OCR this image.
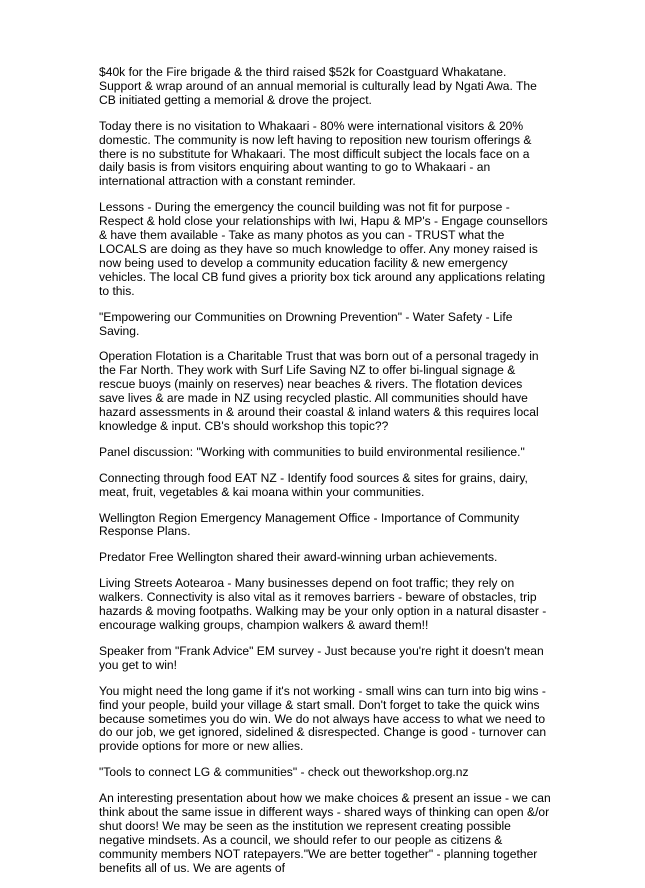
$40k for the Fire brigade & the third raised $52k for Coastguard Whakatane. Support & wrap around of an annual memorial is culturally lead by Ngati Awa. The CB initiated getting a memorial & drove the project.

Today there is no visitation to Whakaari - 80% were international visitors & 20% domestic. The community is now left having to reposition new tourism offerings & there is no substitute for Whakaari. The most difficult subject the locals face on a daily basis is from visitors enquiring about wanting to go to Whakaari - an international attraction with a constant reminder.

Lessons - During the emergency the council building was not fit for purpose - Respect & hold close your relationships with Iwi, Hapu & MP's - Engage counsellors & have them available - Take as many photos as you can - TRUST what the LOCALS are doing as they have so much knowledge to offer. Any money raised is now being used to develop a community education facility & new emergency vehicles. The local CB fund gives a priority box tick around any applications relating to this.

"Empowering our Communities on Drowning Prevention" - Water Safety - Life Saving.

Operation Flotation is a Charitable Trust that was born out of a personal tragedy in the Far North. They work with Surf Life Saving NZ to offer bi-lingual signage & rescue buoys (mainly on reserves) near beaches & rivers. The flotation devices save lives & are made in NZ using recycled plastic. All communities should have hazard assessments in & around their coastal & inland waters & this requires local knowledge & input. CB's should workshop this topic??

Panel discussion: "Working with communities to build environmental resilience."

Connecting through food EAT NZ - Identify food sources & sites for grains, dairy, meat, fruit, vegetables & kai moana within your communities.

Wellington Region Emergency Management Office - Importance of Community Response Plans.

Predator Free Wellington shared their award-winning urban achievements.

Living Streets Aotearoa - Many businesses depend on foot traffic; they rely on walkers. Connectivity is also vital as it removes barriers - beware of obstacles, trip hazards & moving footpaths. Walking may be your only option in a natural disaster - encourage walking groups, champion walkers & award them!!

Speaker from "Frank Advice" EM survey - Just because you're right it doesn't mean you get to win!

You might need the long game if it's not working - small wins can turn into big wins - find your people, build your village & start small. Don't forget to take the quick wins because sometimes you do win. We do not always have access to what we need to do our job, we get ignored, sidelined & disrespected. Change is good - turnover can provide options for more or new allies.

"Tools to connect LG & communities" - check out theworkshop.org.nz

An interesting presentation about how we make choices & present an issue - we can think about the same issue in different ways - shared ways of thinking can open &/or shut doors! We may be seen as the institution we represent creating possible negative mindsets. As a council, we should refer to our people as citizens & community members NOT ratepayers."We are better together" - planning together benefits all of us. We are agents of
